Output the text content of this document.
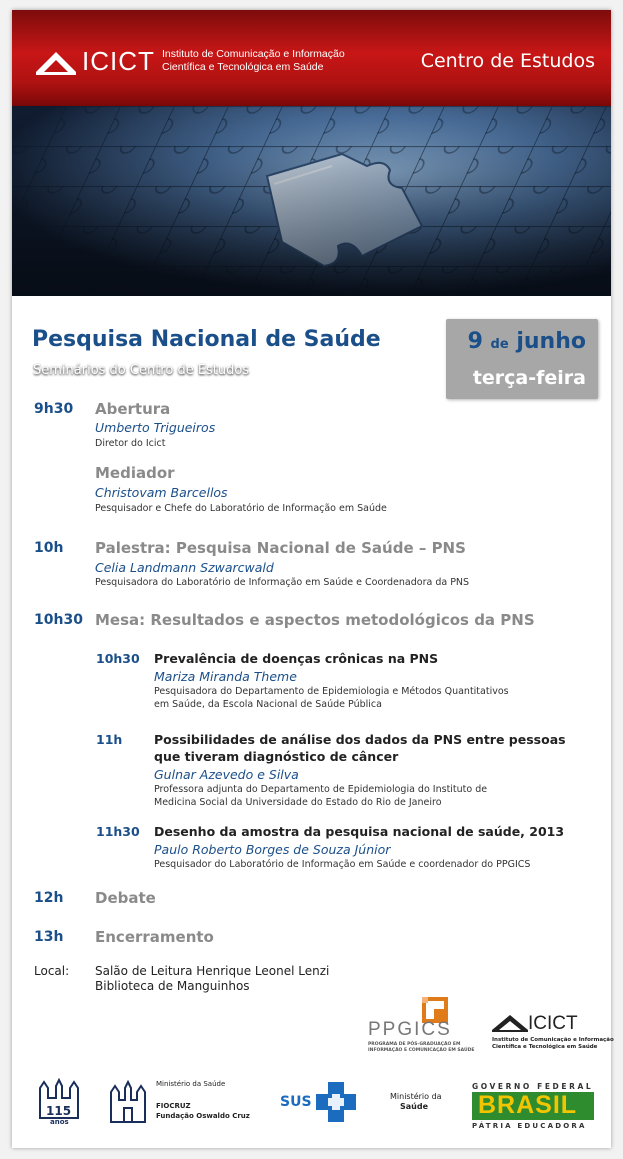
ICICT Instituto de Comunicação e Informação
Científica e Tecnológica em Saúde	Centro de Estudos
Seminários do Centro de Estudos
Pesquisa Nacional de Saúde	9 de junho
terça-feira
9h30 Abertura
Umberto Trigueiros
Diretor do Icict
Mediador
Christovam Barcellos
Pesquisador e Chefe do Laboratório de Informação em Saúde
10h Palestra: Pesquisa Nacional de Saúde – PNS
Celia Landmann Szwarcwald
Pesquisadora do Laboratório de Informação em Saúde e Coordenadora da PNS
10h30 Mesa: Resultados e aspectos metodológicos da PNS
10h30 Prevalência de doenças crônicas na PNS
Mariza Miranda Theme
Pesquisadora do Departamento de Epidemiologia e Métodos Quantitativos
em Saúde, da Escola Nacional de Saúde Pública
11h	Possibilidades de análise dos dados da PNS entre pessoas
que tiveram diagnóstico de câncer
Gulnar Azevedo e Silva
Professora adjunta do Departamento de Epidemiologia do Instituto de
Medicina Social da Universidade do Estado do Rio de Janeiro
11h30 Desenho da amostra da pesquisa nacional de saúde, 2013
Paulo Roberto Borges de Souza Júnior
Pesquisador do Laboratório de Informação em Saúde e coordenador do PPGICS
12h Debate
13h Encerramento
Local: Salão de Leitura Henrique Leonel Lenzi
Biblioteca de Manguinhos
PPGICS
PROGRAMA DE PÓS-GRADUAÇÃO EM
INFORMAÇÃO E COMUNICAÇÃO EM SAÚDE
ICICT
Instituto de Comunicação e Informação
Científica e Tecnológica em Saúde
115
anos
Ministério da Saúde
FIOCRUZ
Fundação Oswaldo Cruz
SUS	Ministério da
Saúde
GOVERNO FEDERAL
BRASIL
PÁTRIA EDUCADORA
